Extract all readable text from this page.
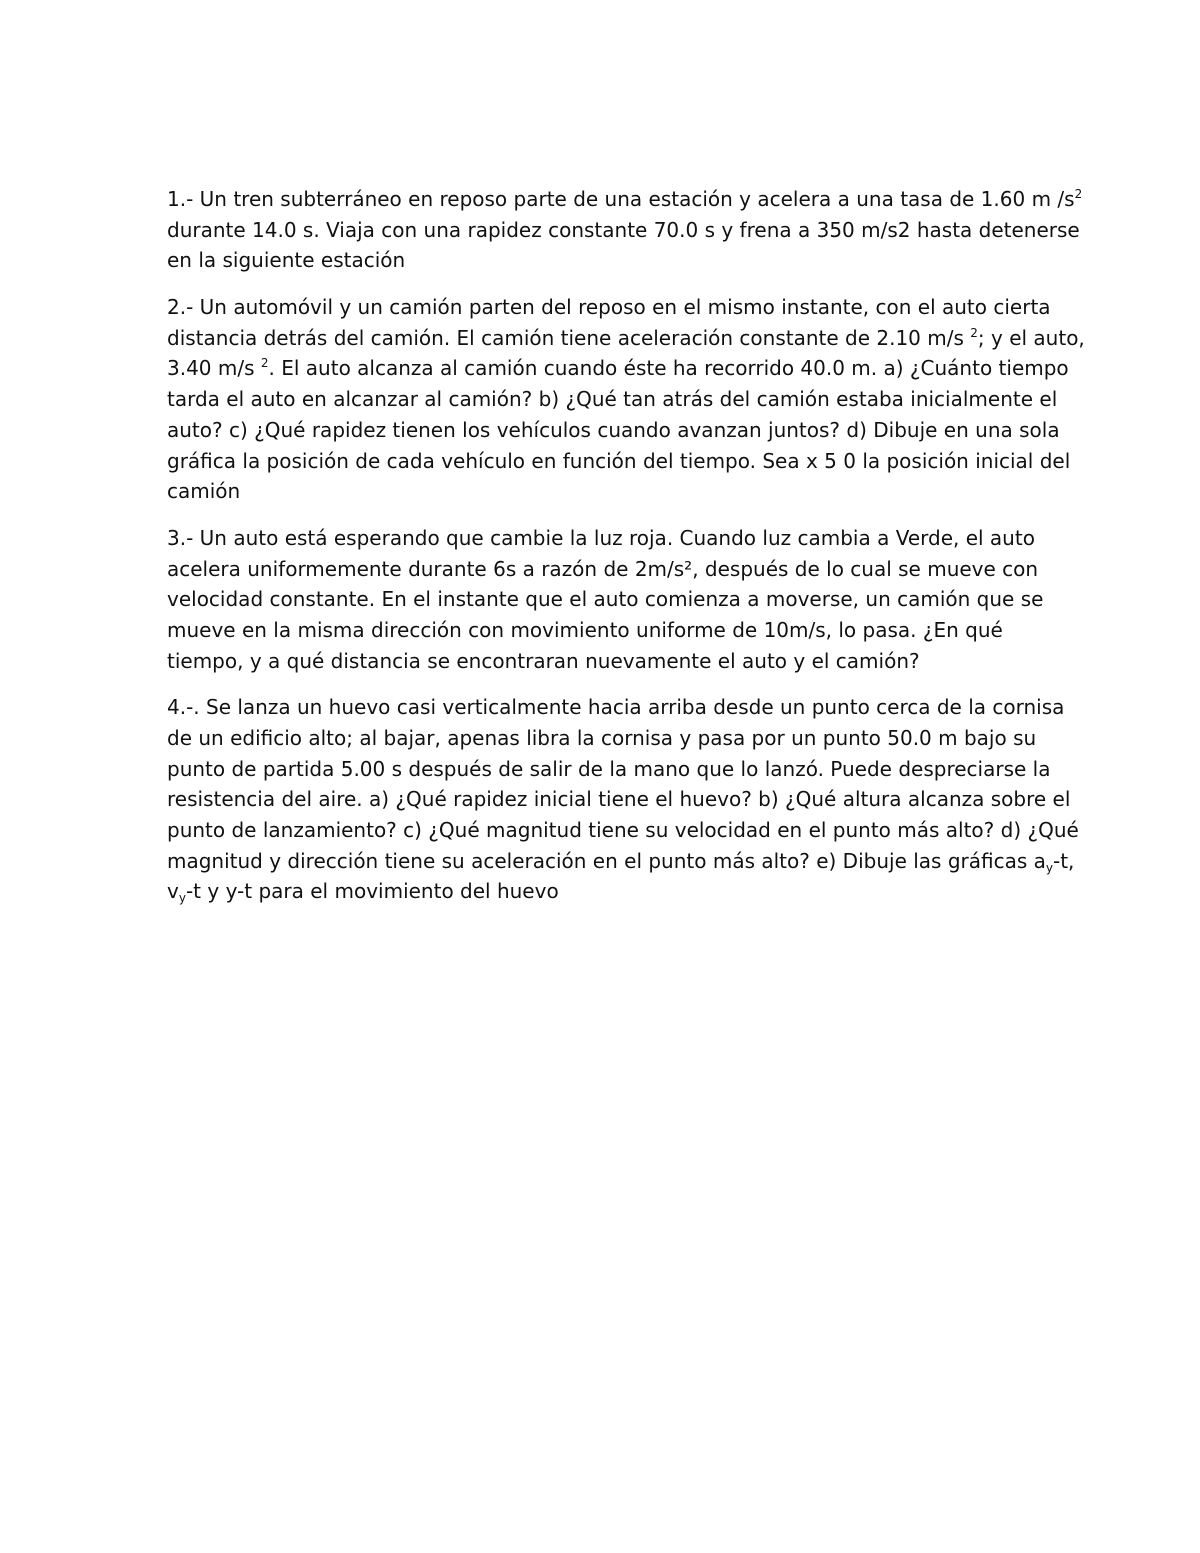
1.- Un tren subterráneo en reposo parte de una estación y acelera a una tasa de 1.60 m $/s^2$
durante 14.0 s. Viaja con una rapidez constante 70.0 s y frena a 350 m/s2 hasta detenerse
en la siguiente estación
2.- Un automóvil y un camión parten del reposo en el mismo instante, con el auto cierta
distancia detrás del camión. El camión tiene aceleración constante de 2.10 m/s $^2$; y el auto,
3.40 m/s $^2$. El auto alcanza al camión cuando éste ha recorrido 40.0 m. a) ¿Cuánto tiempo
tarda el auto en alcanzar al camión? b) ¿Qué tan atrás del camión estaba inicialmente el
auto? c) ¿Qué rapidez tienen los vehículos cuando avanzan juntos? d) Dibuje en una sola
gráfica la posición de cada vehículo en función del tiempo. Sea x 5 0 la posición inicial del
camión
3.- Un auto está esperando que cambie la luz roja. Cuando luz cambia a Verde, el auto
acelera uniformemente durante 6s a razón de 2m/s², después de lo cual se mueve con
velocidad constante. En el instante que el auto comienza a moverse, un camión que se
mueve en la misma dirección con movimiento uniforme de 10m/s, lo pasa. ¿En qué
tiempo, y a qué distancia se encontraran nuevamente el auto y el camión?
4.-. Se lanza un huevo casi verticalmente hacia arriba desde un punto cerca de la cornisa
de un edificio alto; al bajar, apenas libra la cornisa y pasa por un punto 50.0 m bajo su
punto de partida 5.00 s después de salir de la mano que lo lanzó. Puede despreciarse la
resistencia del aire. a) ¿Qué rapidez inicial tiene el huevo? b) ¿Qué altura alcanza sobre el
punto de lanzamiento? c) ¿Qué magnitud tiene su velocidad en el punto más alto? d) ¿Qué
magnitud y dirección tiene su aceleración en el punto más alto? e) Dibuje las gráficas $a_y-t$,
$v_y-t$ y y-t para el movimiento del huevo
